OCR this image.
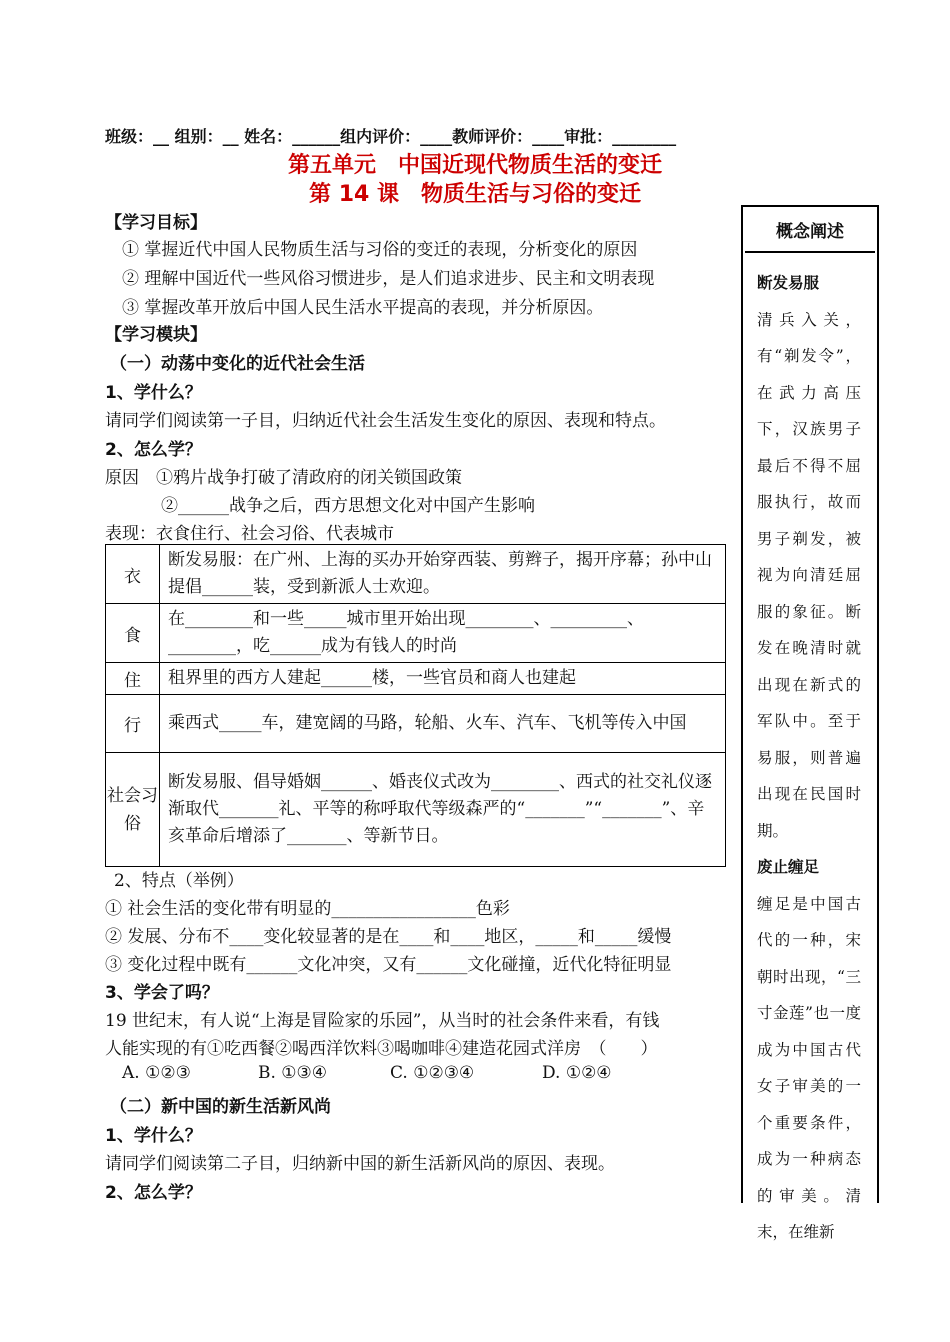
班级：__ 组别：__ 姓名：______组内评价：____教师评价：____审批：________
第五单元　中国近现代物质生活的变迁
第 14 课　物质生活与习俗的变迁
【学习目标】
① 掌握近代中国人民物质生活与习俗的变迁的表现，分析变化的原因
② 理解中国近代一些风俗习惯进步，是人们追求进步、民主和文明表现
③ 掌握改革开放后中国人民生活水平提高的表现，并分析原因。
【学习模块】
（一）动荡中变化的近代社会生活
1、学什么？
请同学们阅读第一子目，归纳近代社会生活发生变化的原因、表现和特点。
2、怎么学？
原因　①鸦片战争打破了清政府的闭关锁国政策
②______战争之后，西方思想文化对中国产生影响
表现：衣食住行、社会习俗、代表城市
衣	断发易服：在广州、上海的买办开始穿西装、剪辫子，揭开序幕；孙中山提倡______装，受到新派人士欢迎。
食	在________和一些_____城市里开始出现________、_________、________，吃______成为有钱人的时尚
住	租界里的西方人建起______楼，一些官员和商人也建起
行	乘西式_____车，建宽阔的马路，轮船、火车、汽车、飞机等传入中国
社会习俗	断发易服、倡导婚姻______、婚丧仪式改为________、西式的社交礼仪逐渐取代_______礼、平等的称呼取代等级森严的“_______”“_______”、辛亥革命后增添了_______、等新节日。
2、特点（举例）
① 社会生活的变化带有明显的_________________色彩
② 发展、分布不____变化较显著的是在____和____地区，_____和_____缓慢
③ 变化过程中既有______文化冲突，又有______文化碰撞，近代化特征明显
3、学会了吗？
19 世纪末，有人说“上海是冒险家的乐园”，从当时的社会条件来看，有钱
人能实现的有①吃西餐②喝西洋饮料③喝咖啡④建造花园式洋房　（　　）
A. ①②③	B. ①③④	C. ①②③④	D. ①②④
（二）新中国的新生活新风尚
1、学什么？
请同学们阅读第二子目，归纳新中国的新生活新风尚的原因、表现。
2、怎么学？
概念阐述
断发易服
清兵入关，有“剃发令”，在武力高压下，汉族男子最后不得不屈服执行，故而男子剃发，被视为向清廷屈服的象征。断发在晚清时就出现在新式的军队中。至于易服，则普遍出现在民国时期。
废止缠足
缠足是中国古代的一种，宋朝时出现，“三寸金莲”也一度成为中国古代女子审美的一个重要条件，成为一种病态的审美。清末，在维新
